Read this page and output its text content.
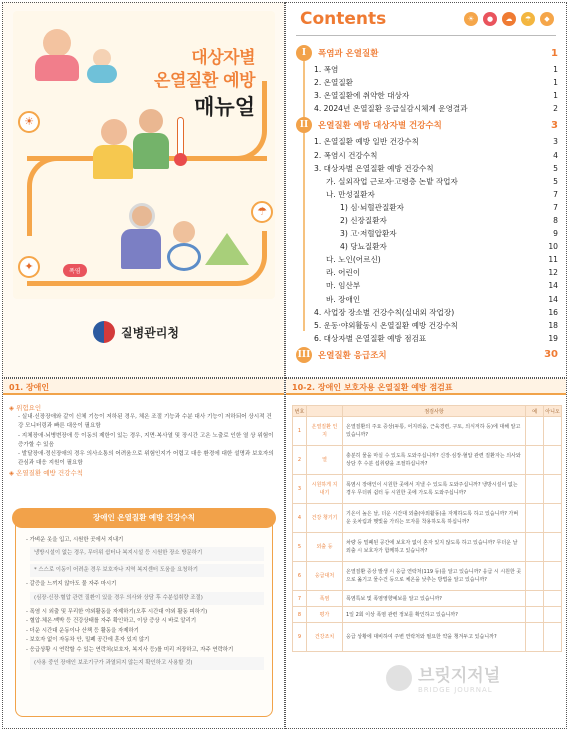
☀
☂
✦	폭염
대상자별
온열질환 예방
매뉴얼
질병관리청
Contents	☀	●	☁	☂	◆
I	폭염과 온열질환	1
1. 폭염	1
2. 온열질환	1
3. 온열질환에 취약한 대상자	1
4. 2024년 온열질환 응급실감시체계 운영결과	2
II	온열질환 예방 대상자별 건강수칙	3
1. 온열질환 예방 일반 건강수칙	3
2. 폭염시 건강수칙	4
3. 대상자별 온열질환 예방 건강수칙	5
가. 실외작업 근로자·고령층 논밭 작업자	5
나. 만성질환자	7
1) 심·뇌혈관질환자	7
2) 신장질환자	8
3) 고·저혈압환자	9
4) 당뇨질환자	10
다. 노인(어르신)	11
라. 어린이	12
마. 임산부	14
바. 장애인	14
4. 사업장 장소별 건강수칙(실내외 작업장)	16
5. 운동·야외활동시 온열질환 예방 건강수칙	18
6. 대상자별 온열질환 예방 점검표	19
III 온열질환 응급조치	30
01. 장애인
◈ 위험요인
- 실내·신장장애와 같이 신체 기능이 저하된 경우, 체온 조절 기능과 수분 대사 기능이 저하되어 상시적 건강 모니터링과 빠른 대응이 필요함
- 지체장애·뇌병변장애 등 이동의 제한이 있는 경우, 지면·복사열 및 장시간 고온 노출로 인한 열 상 위험이 증가할 수 있음
- 발달장애·정신장애의 경우 의사소통의 어려움으로 위험인지가 어렵고 대응 환경에 대한 설명과 보호자의 관심과 대응 지원이 필요함
◈ 온열질환 예방 건강수칙
장애인 온열질환 예방 건강수칙
- 가벼운 옷을 입고, 시원한 곳에서 지내기
냉방시설이 없는 경우, 무더위 쉼터나 복지시설 등 시원한 장소 방문하기
* 스스로 이동이 어려운 경우 보호자나 지역 복지센터 도움을 요청하기
- 갈증을 느끼지 않아도 물 자주 마시기
(심장·신장·혈압 관련 질환이 있을 경우 의사와 상담 후 수분섭취량 조절)
- 폭염 시 외출 및 무리한 야외활동을 자제하기(오후 시간대 야외 활동 피하기)
- 혈압·체온·맥박 등 건강상태를 자주 확인하고, 이상 증상 시 바로 알리기
- 더운 시간대 운동이나 산책 등 활동을 자제하기
- 보호자 없이 자동차 안, 밀폐 공간에 혼자 있지 않기
- 응급상황 시 연락할 수 있는 연락처(보호자, 복지사 등)를 미리 저장하고, 자주 연락하기
(사용 중인 장애인 보조기구가 과열되지 않는지 확인하고 사용할 것)
10-2. 장애인 보호자용 온열질환 예방 점검표
번호		점검사항	예	아니오
1	온열질환 인지	온열질환의 주요 증상(두통, 어지러움, 근육경련, 구토, 의식저하 등)에 대해 알고 있습니까?		
2	열	충분히 물을 마실 수 있도록 도와주십니까? 신장·심장·혈압 관련 질환자는 의사와 상담 후 수분 섭취량을 조절하십니까?		
3	시원하게 지내기	폭염시 장애인이 시원한 곳에서 지낼 수 있도록 도와주십니까? 냉방시설이 없는 경우 무더위 쉼터 등 시원한 곳에 가도록 도와주십니까?		
4	건강 챙기기	기온이 높은 날, 더운 시간대 외출(야외활동)을 자제하도록 하고 있습니까? 가벼운 옷차림과 햇빛을 가리는 모자를 착용하도록 하십니까?		
5	외출 등	차량 등 밀폐된 공간에 보호자 없이 혼자 있지 않도록 하고 있습니까? 무더운 날 외출 시 보호자가 함께하고 있습니까?		
6	응급대처	온열질환 증상 발생 시 응급 연락처(119 등)를 알고 있습니까? 응급 시 시원한 곳으로 옮기고 물수건 등으로 체온을 낮추는 방법을 알고 있습니까?		
7	폭염	폭염특보 및 폭염영향예보를 알고 있습니까?		
8	평가	1일 2회 이상 폭염 관련 정보를 확인하고 있습니까?		
9	건강조치	응급 상황에 대비하여 주변 연락처와 필요한 약을 챙겨두고 있습니까?		
브릿지저널
BRIDGE JOURNAL
